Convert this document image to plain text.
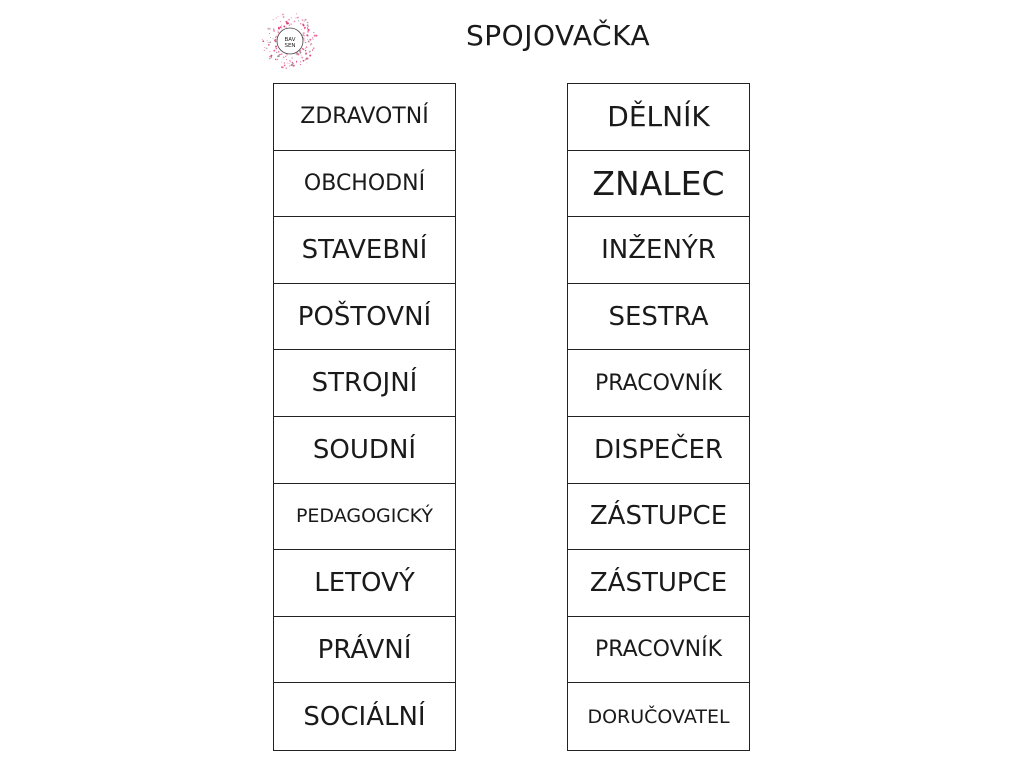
BAV SEN	SPOJOVAČKA
ZDRAVOTNÍ
OBCHODNÍ
STAVEBNÍ
POŠTOVNÍ
STROJNÍ
SOUDNÍ
PEDAGOGICKÝ
LETOVÝ
PRÁVNÍ
SOCIÁLNÍ
DĚLNÍK
ZNALEC
INŽENÝR
SESTRA
PRACOVNÍK
DISPEČER
ZÁSTUPCE
ZÁSTUPCE
PRACOVNÍK
DORUČOVATEL
